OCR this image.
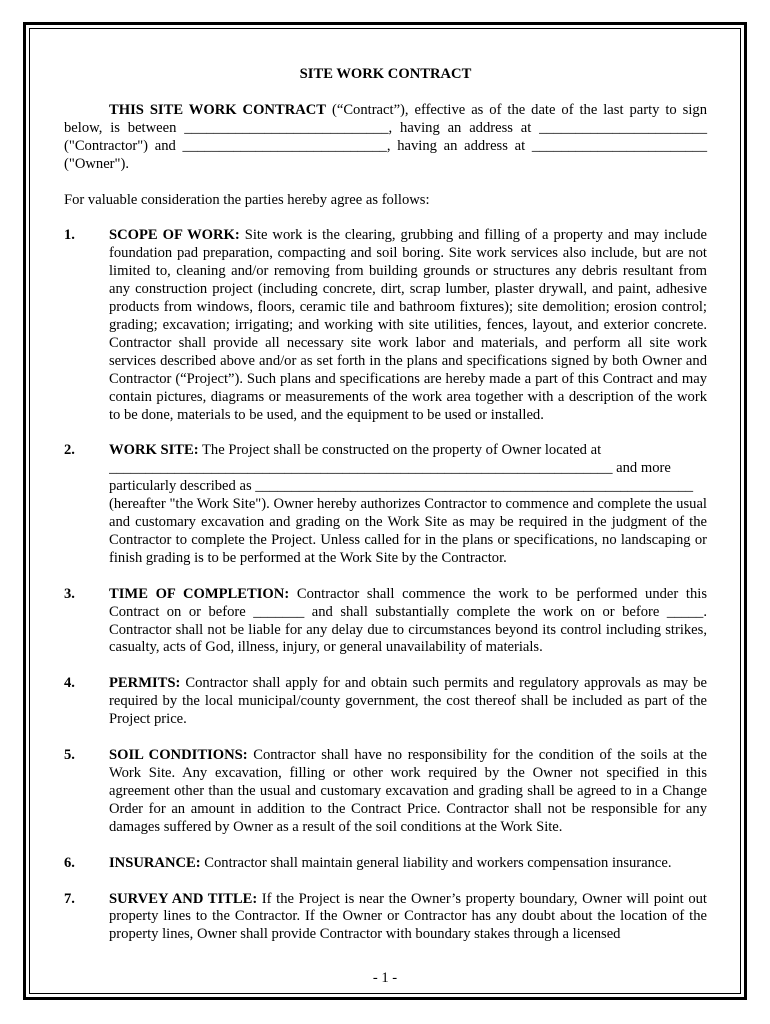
SITE WORK CONTRACT

THIS SITE WORK CONTRACT (“Contract”), effective as of the date of the last party to sign below, is between ____________________________, having an address at _______________________ ("Contractor") and ____________________________, having an address at ________________________ ("Owner").

For valuable consideration the parties hereby agree as follows:

1.	SCOPE OF WORK: Site work is the clearing, grubbing and filling of a property and may include foundation pad preparation, compacting and soil boring. Site work services also include, but are not limited to, cleaning and/or removing from building grounds or structures any debris resultant from any construction project (including concrete, dirt, scrap lumber, plaster drywall, and paint, adhesive products from windows, floors, ceramic tile and bathroom fixtures); site demolition; erosion control; grading; excavation; irrigating; and working with site utilities, fences, layout, and exterior concrete. Contractor shall provide all necessary site work labor and materials, and perform all site work services described above and/or as set forth in the plans and specifications signed by both Owner and Contractor (“Project”). Such plans and specifications are hereby made a part of this Contract and may contain pictures, diagrams or measurements of the work area together with a description of the work to be done, materials to be used, and the equipment to be used or installed.
2.	WORK SITE: The Project shall be constructed on the property of Owner located at

_____________________________________________________________________ and more

particularly described as ____________________________________________________________

(hereafter "the Work Site"). Owner hereby authorizes Contractor to commence and complete the usual and customary excavation and grading on the Work Site as may be required in the judgment of the Contractor to complete the Project. Unless called for in the plans or specifications, no landscaping or finish grading is to be performed at the Work Site by the Contractor.

3.	TIME OF COMPLETION: Contractor shall commence the work to be performed under this Contract on or before _______ and shall substantially complete the work on or before _____. Contractor shall not be liable for any delay due to circumstances beyond its control including strikes, casualty, acts of God, illness, injury, or general unavailability of materials.
4.	PERMITS: Contractor shall apply for and obtain such permits and regulatory approvals as may be required by the local municipal/county government, the cost thereof shall be included as part of the Project price.
5.	SOIL CONDITIONS: Contractor shall have no responsibility for the condition of the soils at the Work Site. Any excavation, filling or other work required by the Owner not specified in this agreement other than the usual and customary excavation and grading shall be agreed to in a Change Order for an amount in addition to the Contract Price. Contractor shall not be responsible for any damages suffered by Owner as a result of the soil conditions at the Work Site.
6.	INSURANCE: Contractor shall maintain general liability and workers compensation insurance.
7.	SURVEY AND TITLE: If the Project is near the Owner’s property boundary, Owner will point out property lines to the Contractor. If the Owner or Contractor has any doubt about the location of the property lines, Owner shall provide Contractor with boundary stakes through a licensed
- 1 -
